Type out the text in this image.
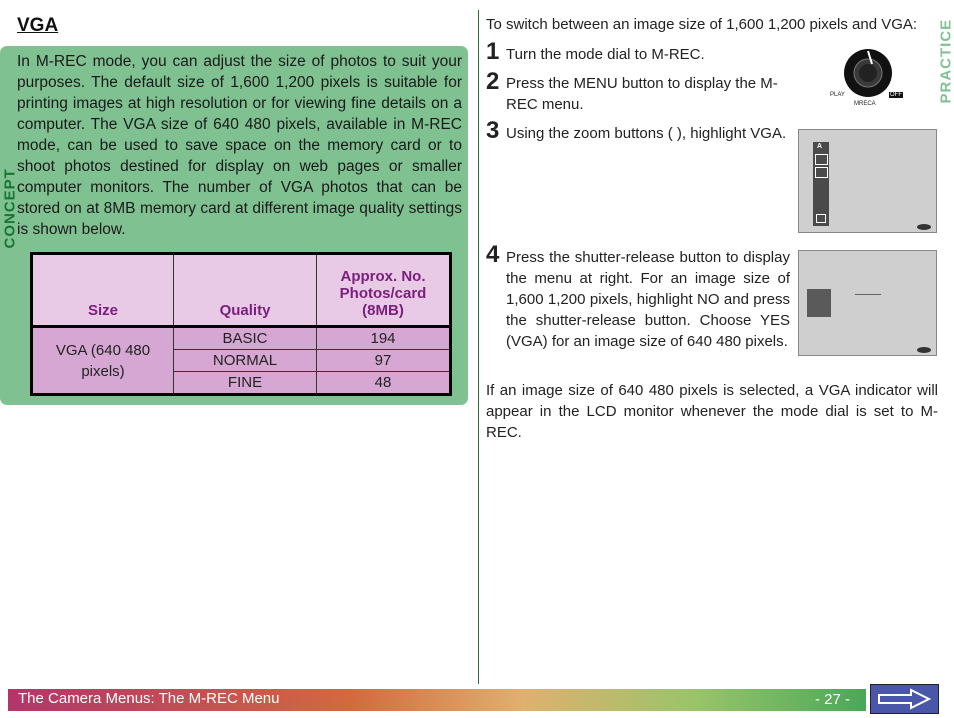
VGA
CONCEPT
In M-REC mode, you can adjust the size of photos to suit your purposes. The default size of 1,600 1,200 pixels is suitable for printing images at high resolution or for viewing fine details on a computer. The VGA size of 640 480 pixels, available in M-REC mode, can be used to save space on the memory card or to shoot photos destined for display on web pages or smaller computer monitors. The number of VGA photos that can be stored on at 8MB memory card at different image quality settings is shown below.
Size	Quality	Approx. No. Photos/card (8MB)
VGA (640 480 pixels)	BASIC	194
	NORMAL	97
	FINE	48
To switch between an image size of 1,600 1,200 pixels and VGA:	PRACTICE
1 Turn the mode dial to M-REC.
2 Press the MENU button to display the M-REC menu.
3 Using the zoom buttons ( ), highlight VGA.
4 Press the shutter-release button to display the menu at right. For an image size of 1,600 1,200 pixels, highlight NO and press the shutter-release button. Choose YES (VGA) for an image size of 640 480 pixels.
If an image size of 640 480 pixels is selected, a VGA indicator will appear in the LCD monitor whenever the mode dial is set to M-REC.
PLAY
MRECA
OFF
A
The Camera Menus: The M-REC Menu	- 27 -
